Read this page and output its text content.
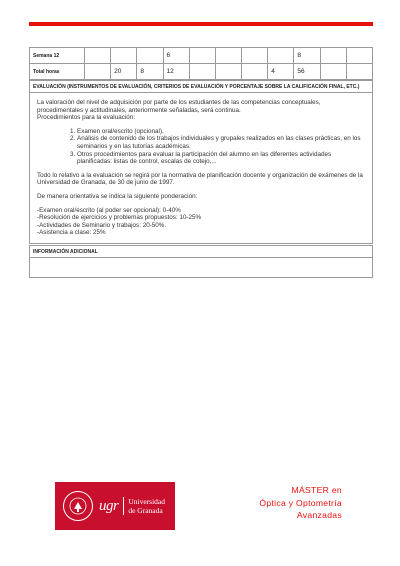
Semana 12				6					8		
Total horas		20	8	12				4	56		
EVALUACIÓN (INSTRUMENTOS DE EVALUACIÓN, CRITERIOS DE EVALUACIÓN Y PORCENTAJE SOBRE LA CALIFICACIÓN FINAL, ETC.)

La valoración del nivel de adquisición por parte de los estudiantes de las competencias conceptuales,
procedimentales y actitudinales, anteriormente señaladas, será continua.
Procedimientos para la evaluación:

1. Examen oral/escrito (opcional).
2. Análisis de contenido de los trabajos individuales y grupales realizados en las clases prácticas, en los seminarios y en las tutorías académicas.
3. Otros procedimientos para evaluar la participación del alumno en las diferentes actividades planificadas: listas de control, escalas de cotejo,...

Todo lo relativo a la evaluación se regirá por la normativa de planificación docente y organización de exámenes de la Universidad de Granada, de 30 de junio de 1997.

De manera orientativa se indica la siguiente ponderación:

-Examen oral/escrito (al poder ser opcional): 0-40%
-Resolución de ejercicios y problemas propuestos: 10-25%
-Actividades de Seminario y trabajos: 20-50%.
-Asistencia a clase: 25%
INFORMACIÓN ADICIONAL
ugr Universidad
de Granada
MÁSTER en
Óptica y Optometría
Avanzadas
